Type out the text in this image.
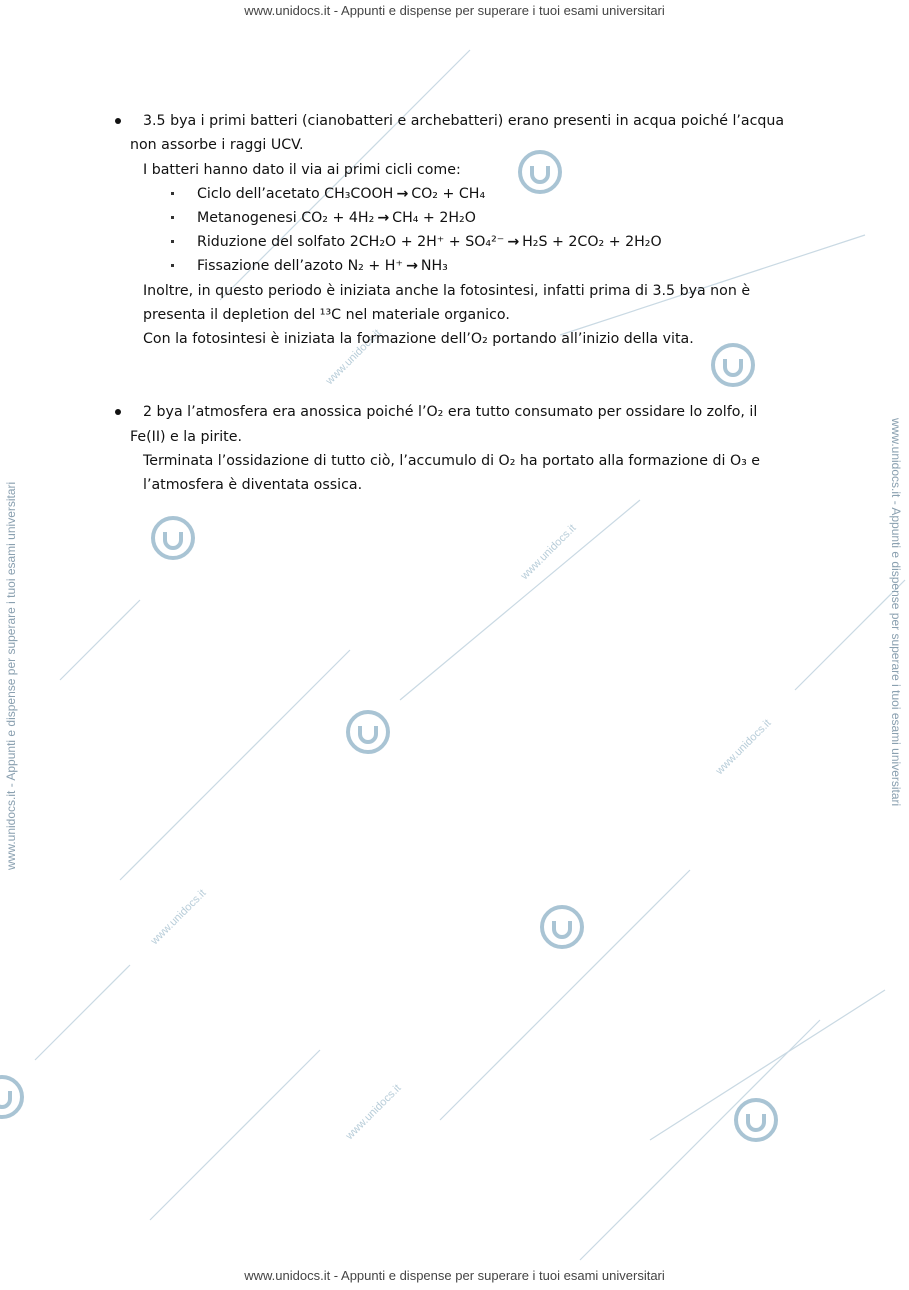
www.unidocs.it
www.unidocs.it
www.unidocs.it
www.unidocs.it
www.unidocs.it
www.unidocs.it - Appunti e dispense per superare i tuoi esami universitari
www.unidocs.it - Appunti e dispense per superare i tuoi esami universitari
www.unidocs.it - Appunti e dispense per superare i tuoi esami universitari	www.unidocs.it - Appunti e dispense per superare i tuoi esami universitari
3.5 bya i primi batteri (cianobatteri e archebatteri) erano presenti in acqua poiché l’acqua
non assorbe i raggi UCV.
I batteri hanno dato il via ai primi cicli come:
Ciclo dell’acetato CH₃COOH → CO₂ + CH₄
Metanogenesi CO₂ + 4H₂ → CH₄ + 2H₂O
Riduzione del solfato 2CH₂O + 2H⁺ + SO₄²⁻ → H₂S + 2CO₂ + 2H₂O
Fissazione dell’azoto N₂ + H⁺ → NH₃
Inoltre, in questo periodo è iniziata anche la fotosintesi, infatti prima di 3.5 bya non è
presenta il depletion del ¹³C nel materiale organico.
Con la fotosintesi è iniziata la formazione dell’O₂ portando all’inizio della vita.
2 bya l’atmosfera era anossica poiché l’O₂ era tutto consumato per ossidare lo zolfo, il
Fe(II) e la pirite.
Terminata l’ossidazione di tutto ciò, l’accumulo di O₂ ha portato alla formazione di O₃ e
l’atmosfera è diventata ossica.
